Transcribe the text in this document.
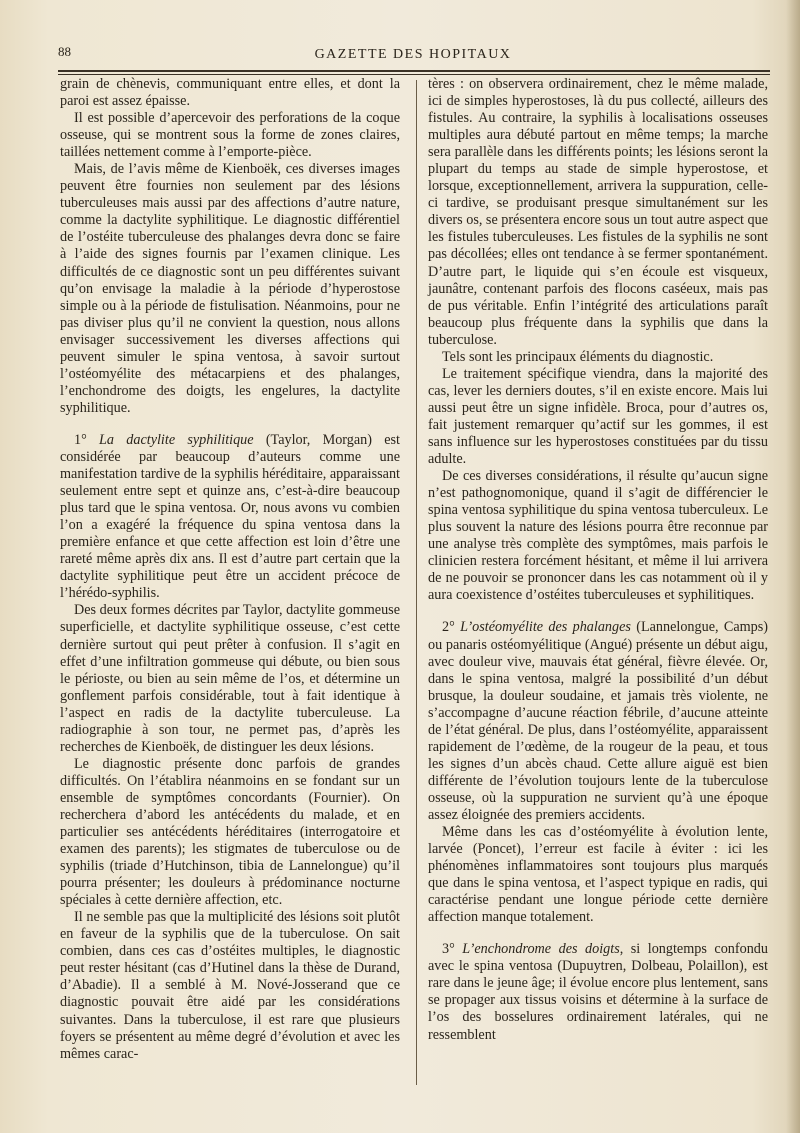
88	GAZETTE DES HOPITAUX

grain de chènevis, communiquant entre elles, et dont la paroi est assez épaisse.

Il est possible d’apercevoir des perforations de la coque osseuse, qui se montrent sous la forme de zones claires, taillées nettement comme à l’emporte-pièce.

Mais, de l’avis même de Kienboëk, ces diverses images peuvent être fournies non seulement par des lésions tuberculeuses mais aussi par des affections d’autre nature, comme la dactylite syphilitique. Le diagnostic différentiel de l’ostéite tuberculeuse des phalanges devra donc se faire à l’aide des signes fournis par l’examen clinique. Les difficultés de ce diagnostic sont un peu différentes suivant qu’on envisage la maladie à la période d’hyperostose simple ou à la période de fistulisation. Néanmoins, pour ne pas diviser plus qu’il ne convient la question, nous allons envisager successivement les diverses affections qui peuvent simuler le spina ventosa, à savoir surtout l’ostéomyélite des métacarpiens et des phalanges, l’enchondrome des doigts, les engelures, la dactylite syphilitique.

1° La dactylite syphilitique (Taylor, Morgan) est considérée par beaucoup d’auteurs comme une manifestation tardive de la syphilis héréditaire, apparaissant seulement entre sept et quinze ans, c’est-à-dire beaucoup plus tard que le spina ventosa. Or, nous avons vu combien l’on a exagéré la fréquence du spina ventosa dans la première enfance et que cette affection est loin d’être une rareté même après dix ans. Il est d’autre part certain que la dactylite syphilitique peut être un accident précoce de l’hérédo-syphilis.

Des deux formes décrites par Taylor, dactylite gommeuse superficielle, et dactylite syphilitique osseuse, c’est cette dernière surtout qui peut prêter à confusion. Il s’agit en effet d’une infiltration gommeuse qui débute, ou bien sous le périoste, ou bien au sein même de l’os, et détermine un gonflement parfois considérable, tout à fait identique à l’aspect en radis de la dactylite tuberculeuse. La radiographie à son tour, ne permet pas, d’après les recherches de Kienboëk, de distinguer les deux lésions.

Le diagnostic présente donc parfois de grandes difficultés. On l’établira néanmoins en se fondant sur un ensemble de symptômes concordants (Fournier). On recherchera d’abord les antécédents du malade, et en particulier ses antécédents héréditaires (interrogatoire et examen des parents); les stigmates de tuberculose ou de syphilis (triade d’Hutchinson, tibia de Lannelongue) qu’il pourra présenter; les douleurs à prédominance nocturne spéciales à cette dernière affection, etc.

Il ne semble pas que la multiplicité des lésions soit plutôt en faveur de la syphilis que de la tuberculose. On sait combien, dans ces cas d’ostéites multiples, le diagnostic peut rester hésitant (cas d’Hutinel dans la thèse de Durand, d’Abadie). Il a semblé à M. Nové-Josserand que ce diagnostic pouvait être aidé par les considérations suivantes. Dans la tuberculose, il est rare que plusieurs foyers se présentent au même degré d’évolution et avec les mêmes carac-

tères : on observera ordinairement, chez le même malade, ici de simples hyperostoses, là du pus collecté, ailleurs des fistules. Au contraire, la syphilis à localisations osseuses multiples aura débuté partout en même temps; la marche sera parallèle dans les différents points; les lésions seront la plupart du temps au stade de simple hyperostose, et lorsque, exceptionnellement, arrivera la suppuration, celle-ci tardive, se produisant presque simultanément sur les divers os, se présentera encore sous un tout autre aspect que les fistules tuberculeuses. Les fistules de la syphilis ne sont pas décollées; elles ont tendance à se fermer spontanément. D’autre part, le liquide qui s’en écoule est visqueux, jaunâtre, contenant parfois des flocons caséeux, mais pas de pus véritable. Enfin l’intégrité des articulations paraît beaucoup plus fréquente dans la syphilis que dans la tuberculose.

Tels sont les principaux éléments du diagnostic.

Le traitement spécifique viendra, dans la majorité des cas, lever les derniers doutes, s’il en existe encore. Mais lui aussi peut être un signe infidèle. Broca, pour d’autres os, fait justement remarquer qu’actif sur les gommes, il est sans influence sur les hyperostoses constituées par du tissu adulte.

De ces diverses considérations, il résulte qu’aucun signe n’est pathognomonique, quand il s’agit de différencier le spina ventosa syphilitique du spina ventosa tuberculeux. Le plus souvent la nature des lésions pourra être reconnue par une analyse très complète des symptômes, mais parfois le clinicien restera forcément hésitant, et même il lui arrivera de ne pouvoir se prononcer dans les cas notamment où il y aura coexistence d’ostéites tuberculeuses et syphilitiques.

2° L’ostéomyélite des phalanges (Lannelongue, Camps) ou panaris ostéomyélitique (Angué) présente un début aigu, avec douleur vive, mauvais état général, fièvre élevée. Or, dans le spina ventosa, malgré la possibilité d’un début brusque, la douleur soudaine, et jamais très violente, ne s’accompagne d’aucune réaction fébrile, d’aucune atteinte de l’état général. De plus, dans l’ostéomyélite, apparaissent rapidement de l’œdème, de la rougeur de la peau, et tous les signes d’un abcès chaud. Cette allure aiguë est bien différente de l’évolution toujours lente de la tuberculose osseuse, où la suppuration ne survient qu’à une époque assez éloignée des premiers accidents.

Même dans les cas d’ostéomyélite à évolution lente, larvée (Poncet), l’erreur est facile à éviter : ici les phénomènes inflammatoires sont toujours plus marqués que dans le spina ventosa, et l’aspect typique en radis, qui caractérise pendant une longue période cette dernière affection manque totalement.

3° L’enchondrome des doigts, si longtemps confondu avec le spina ventosa (Dupuytren, Dolbeau, Polaillon), est rare dans le jeune âge; il évolue encore plus lentement, sans se propager aux tissus voisins et détermine à la surface de l’os des bosselures ordinairement latérales, qui ne ressemblent
